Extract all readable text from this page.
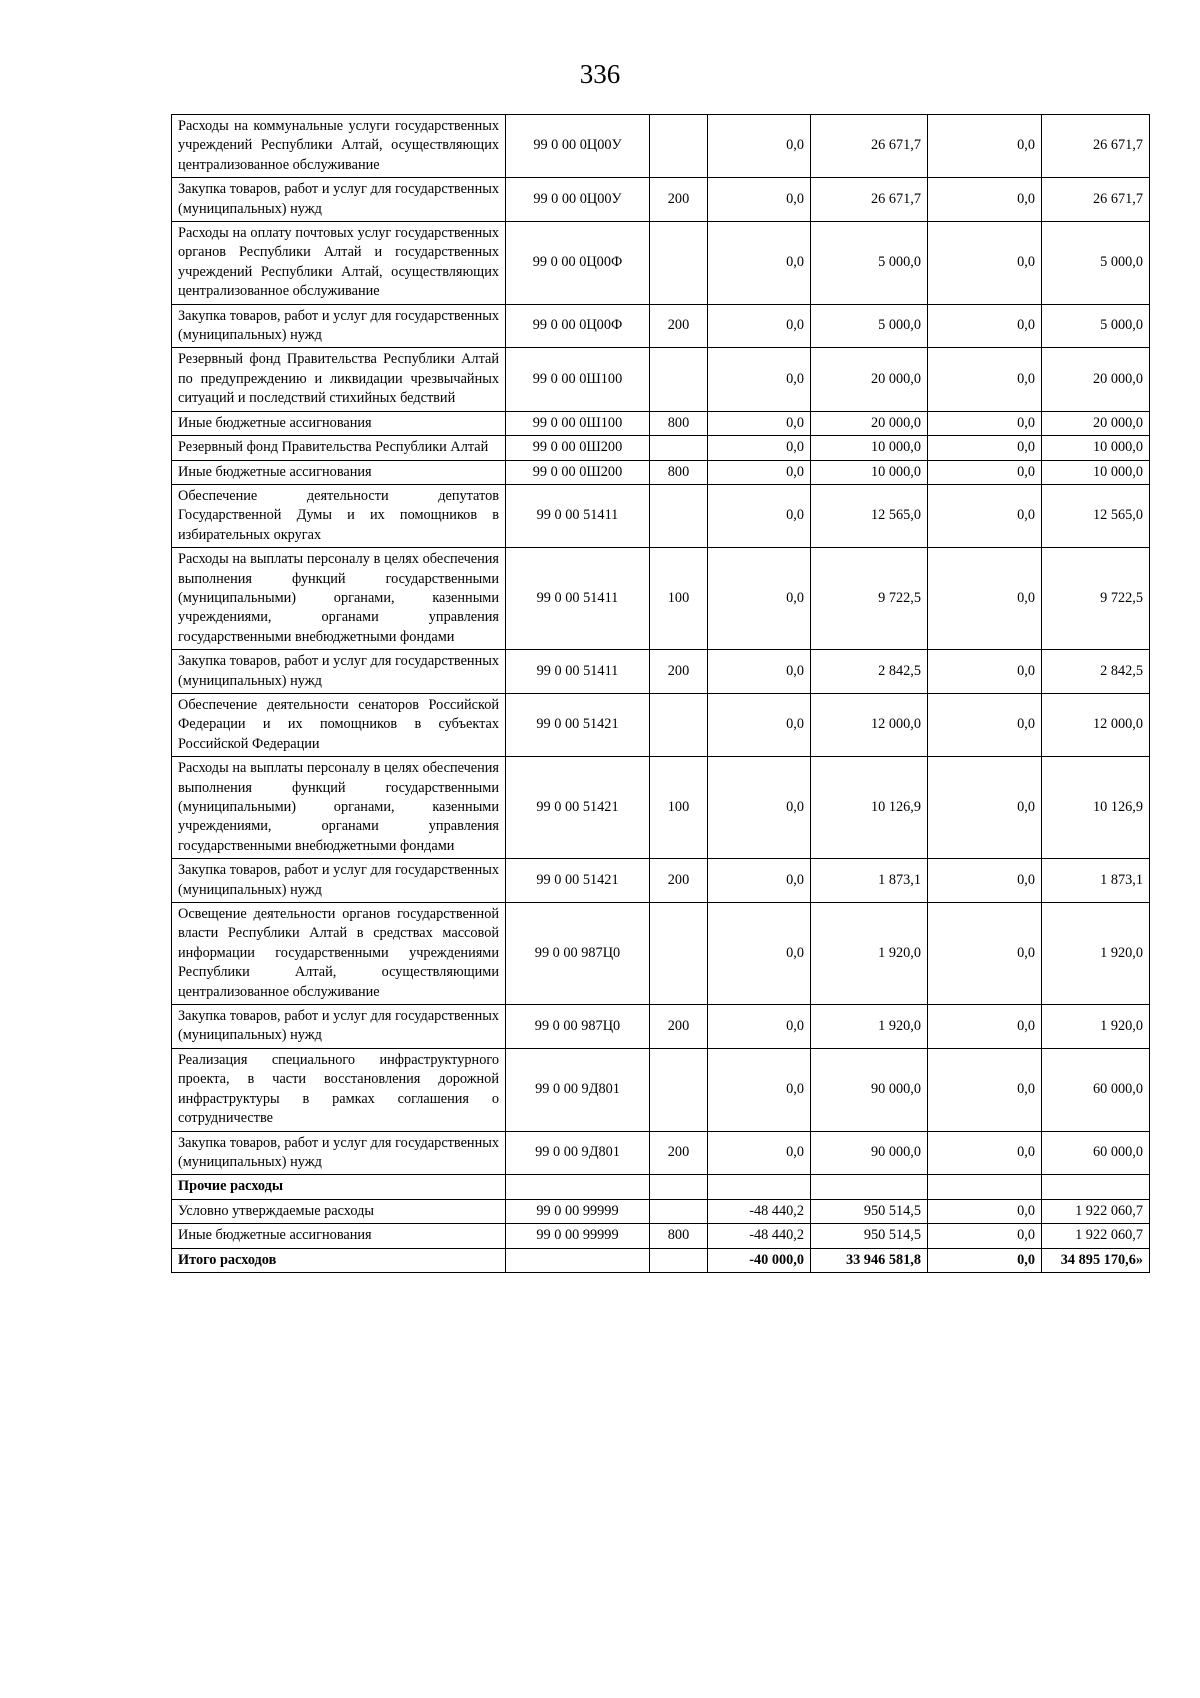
336
Расходы на коммунальные услуги государственных учреждений Республики Алтай, осуществляющих централизованное обслуживание	99 0 00 0Ц00У		0,0	26 671,7	0,0	26 671,7
Закупка товаров, работ и услуг для государственных (муниципальных) нужд	99 0 00 0Ц00У	200	0,0	26 671,7	0,0	26 671,7
Расходы на оплату почтовых услуг государственных органов Республики Алтай и государственных учреждений Республики Алтай, осуществляющих централизованное обслуживание	99 0 00 0Ц00Ф		0,0	5 000,0	0,0	5 000,0
Закупка товаров, работ и услуг для государственных (муниципальных) нужд	99 0 00 0Ц00Ф	200	0,0	5 000,0	0,0	5 000,0
Резервный фонд Правительства Республики Алтай по предупреждению и ликвидации чрезвычайных ситуаций и последствий стихийных бедствий	99 0 00 0Ш100		0,0	20 000,0	0,0	20 000,0
Иные бюджетные ассигнования	99 0 00 0Ш100	800	0,0	20 000,0	0,0	20 000,0
Резервный фонд Правительства Республики Алтай	99 0 00 0Ш200		0,0	10 000,0	0,0	10 000,0
Иные бюджетные ассигнования	99 0 00 0Ш200	800	0,0	10 000,0	0,0	10 000,0
Обеспечение деятельности депутатов Государственной Думы и их помощников в избирательных округах	99 0 00 51411		0,0	12 565,0	0,0	12 565,0
Расходы на выплаты персоналу в целях обеспечения выполнения функций государственными (муниципальными) органами, казенными учреждениями, органами управления государственными внебюджетными фондами	99 0 00 51411	100	0,0	9 722,5	0,0	9 722,5
Закупка товаров, работ и услуг для государственных (муниципальных) нужд	99 0 00 51411	200	0,0	2 842,5	0,0	2 842,5
Обеспечение деятельности сенаторов Российской Федерации и их помощников в субъектах Российской Федерации	99 0 00 51421		0,0	12 000,0	0,0	12 000,0
Расходы на выплаты персоналу в целях обеспечения выполнения функций государственными (муниципальными) органами, казенными учреждениями, органами управления государственными внебюджетными фондами	99 0 00 51421	100	0,0	10 126,9	0,0	10 126,9
Закупка товаров, работ и услуг для государственных (муниципальных) нужд	99 0 00 51421	200	0,0	1 873,1	0,0	1 873,1
Освещение деятельности органов государственной власти Республики Алтай в средствах массовой информации государственными учреждениями Республики Алтай, осуществляющими централизованное обслуживание	99 0 00 987Ц0		0,0	1 920,0	0,0	1 920,0
Закупка товаров, работ и услуг для государственных (муниципальных) нужд	99 0 00 987Ц0	200	0,0	1 920,0	0,0	1 920,0
Реализация специального инфраструктурного проекта, в части восстановления дорожной инфраструктуры в рамках соглашения о сотрудничестве	99 0 00 9Д801		0,0	90 000,0	0,0	60 000,0
Закупка товаров, работ и услуг для государственных (муниципальных) нужд	99 0 00 9Д801	200	0,0	90 000,0	0,0	60 000,0
Прочие расходы						
Условно утверждаемые расходы	99 0 00 99999		-48 440,2	950 514,5	0,0	1 922 060,7
Иные бюджетные ассигнования	99 0 00 99999	800	-48 440,2	950 514,5	0,0	1 922 060,7
Итого расходов			-40 000,0	33 946 581,8	0,0	34 895 170,6»
